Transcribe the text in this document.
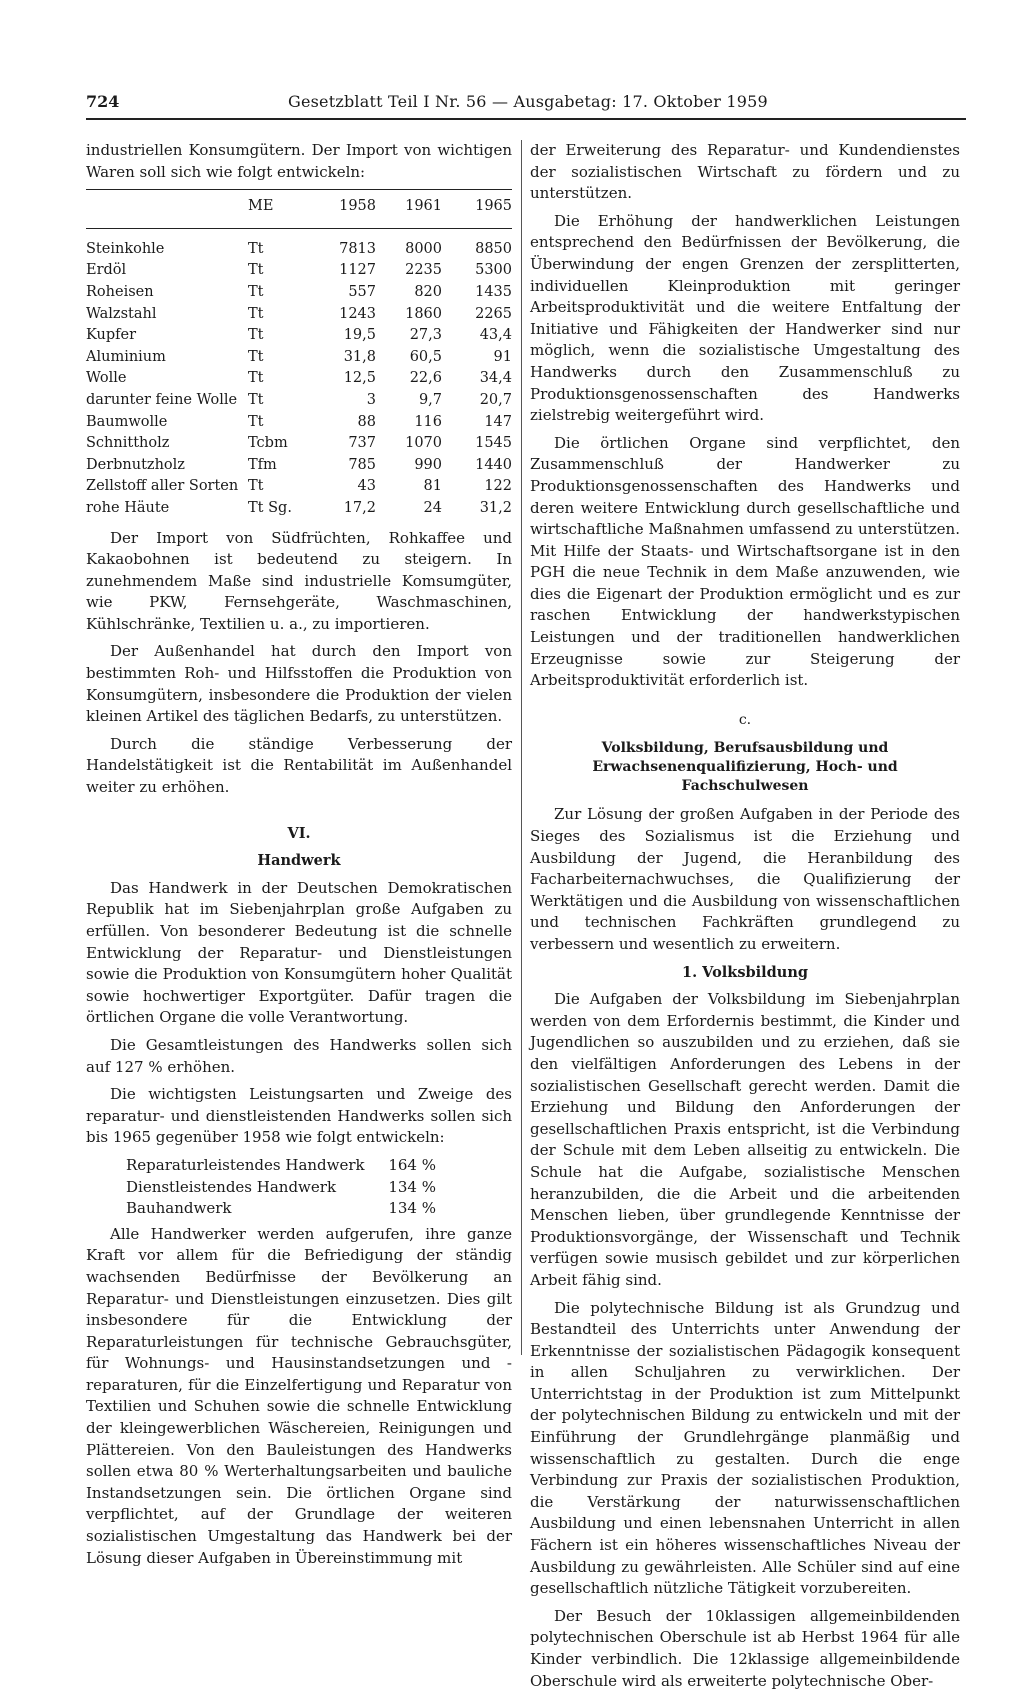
724	Gesetzblatt Teil I Nr. 56 — Ausgabetag: 17. Oktober 1959

industriellen Konsumgütern. Der Import von wichtigen Waren soll sich wie folgt entwickeln:

	ME	1958	1961	1965
Steinkohle	Tt	7813	8000	8850
Erdöl	Tt	1127	2235	5300
Roheisen	Tt	557	820	1435
Walzstahl	Tt	1243	1860	2265
Kupfer	Tt	19,5	27,3	43,4
Aluminium	Tt	31,8	60,5	91
Wolle	Tt	12,5	22,6	34,4
darunter feine Wolle	Tt	3	9,7	20,7
Baumwolle	Tt	88	116	147
Schnittholz	Tcbm	737	1070	1545
Derbnutzholz	Tfm	785	990	1440
Zellstoff aller Sorten	Tt	43	81	122
rohe Häute	Tt Sg.	17,2	24	31,2

Der Import von Südfrüchten, Rohkaffee und Kakaobohnen ist bedeutend zu steigern. In zunehmendem Maße sind industrielle Komsumgüter, wie PKW, Fernsehgeräte, Waschmaschinen, Kühlschränke, Textilien u. a., zu importieren.

Der Außenhandel hat durch den Import von bestimmten Roh- und Hilfsstoffen die Produktion von Konsumgütern, insbesondere die Produktion der vielen kleinen Artikel des täglichen Bedarfs, zu unterstützen.

Durch die ständige Verbesserung der Handelstätigkeit ist die Rentabilität im Außenhandel weiter zu erhöhen.

VI.
Handwerk

Das Handwerk in der Deutschen Demokratischen Republik hat im Siebenjahrplan große Aufgaben zu erfüllen. Von besonderer Bedeutung ist die schnelle Entwicklung der Reparatur- und Dienstleistungen sowie die Produktion von Konsumgütern hoher Qualität sowie hochwertiger Exportgüter. Dafür tragen die örtlichen Organe die volle Verantwortung.

Die Gesamtleistungen des Handwerks sollen sich auf 127 % erhöhen.

Die wichtigsten Leistungsarten und Zweige des reparatur- und dienstleistenden Handwerks sollen sich bis 1965 gegenüber 1958 wie folgt entwickeln:

Reparaturleistendes Handwerk	164 %
Dienstleistendes Handwerk	134 %
Bauhandwerk	134 %

Alle Handwerker werden aufgerufen, ihre ganze Kraft vor allem für die Befriedigung der ständig wachsenden Bedürfnisse der Bevölkerung an Reparatur- und Dienstleistungen einzusetzen. Dies gilt insbesondere für die Entwicklung der Reparaturleistungen für technische Gebrauchsgüter, für Wohnungs- und Hausinstandsetzungen und -reparaturen, für die Einzelfertigung und Reparatur von Textilien und Schuhen sowie die schnelle Entwicklung der kleingewerblichen Wäschereien, Reinigungen und Plättereien. Von den Bauleistungen des Handwerks sollen etwa 80 % Werterhaltungsarbeiten und bauliche Instandsetzungen sein. Die örtlichen Organe sind verpflichtet, auf der Grundlage der weiteren sozialistischen Umgestaltung das Handwerk bei der Lösung dieser Aufgaben in Übereinstimmung mit

der Erweiterung des Reparatur- und Kundendienstes der sozialistischen Wirtschaft zu fördern und zu unterstützen.

Die Erhöhung der handwerklichen Leistungen entsprechend den Bedürfnissen der Bevölkerung, die Überwindung der engen Grenzen der zersplitterten, individuellen Kleinproduktion mit geringer Arbeitsproduktivität und die weitere Entfaltung der Initiative und Fähigkeiten der Handwerker sind nur möglich, wenn die sozialistische Umgestaltung des Handwerks durch den Zusammenschluß zu Produktionsgenossenschaften des Handwerks zielstrebig weitergeführt wird.

Die örtlichen Organe sind verpflichtet, den Zusammenschluß der Handwerker zu Produktionsgenossenschaften des Handwerks und deren weitere Entwicklung durch gesellschaftliche und wirtschaftliche Maßnahmen umfassend zu unterstützen. Mit Hilfe der Staats- und Wirtschaftsorgane ist in den PGH die neue Technik in dem Maße anzuwenden, wie dies die Eigenart der Produktion ermöglicht und es zur raschen Entwicklung der handwerkstypischen Leistungen und der traditionellen handwerklichen Erzeugnisse sowie zur Steigerung der Arbeitsproduktivität erforderlich ist.

c.
Volksbildung, Berufsausbildung und Erwachsenenqualifizierung, Hoch- und Fachschulwesen

Zur Lösung der großen Aufgaben in der Periode des Sieges des Sozialismus ist die Erziehung und Ausbildung der Jugend, die Heranbildung des Facharbeiternachwuchses, die Qualifizierung der Werktätigen und die Ausbildung von wissenschaftlichen und technischen Fachkräften grundlegend zu verbessern und wesentlich zu erweitern.

1. Volksbildung

Die Aufgaben der Volksbildung im Siebenjahrplan werden von dem Erfordernis bestimmt, die Kinder und Jugendlichen so auszubilden und zu erziehen, daß sie den vielfältigen Anforderungen des Lebens in der sozialistischen Gesellschaft gerecht werden. Damit die Erziehung und Bildung den Anforderungen der gesellschaftlichen Praxis entspricht, ist die Verbindung der Schule mit dem Leben allseitig zu entwickeln. Die Schule hat die Aufgabe, sozialistische Menschen heranzubilden, die die Arbeit und die arbeitenden Menschen lieben, über grundlegende Kenntnisse der Produktionsvorgänge, der Wissenschaft und Technik verfügen sowie musisch gebildet und zur körperlichen Arbeit fähig sind.

Die polytechnische Bildung ist als Grundzug und Bestandteil des Unterrichts unter Anwendung der Erkenntnisse der sozialistischen Pädagogik konsequent in allen Schuljahren zu verwirklichen. Der Unterrichtstag in der Produktion ist zum Mittelpunkt der polytechnischen Bildung zu entwickeln und mit der Einführung der Grundlehrgänge planmäßig und wissenschaftlich zu gestalten. Durch die enge Verbindung zur Praxis der sozialistischen Produktion, die Verstärkung der naturwissenschaftlichen Ausbildung und einen lebensnahen Unterricht in allen Fächern ist ein höheres wissenschaftliches Niveau der Ausbildung zu gewährleisten. Alle Schüler sind auf eine gesellschaftlich nützliche Tätigkeit vorzubereiten.

Der Besuch der 10klassigen allgemeinbildenden polytechnischen Oberschule ist ab Herbst 1964 für alle Kinder verbindlich. Die 12klassige allgemeinbildende Oberschule wird als erweiterte polytechnische Ober-
